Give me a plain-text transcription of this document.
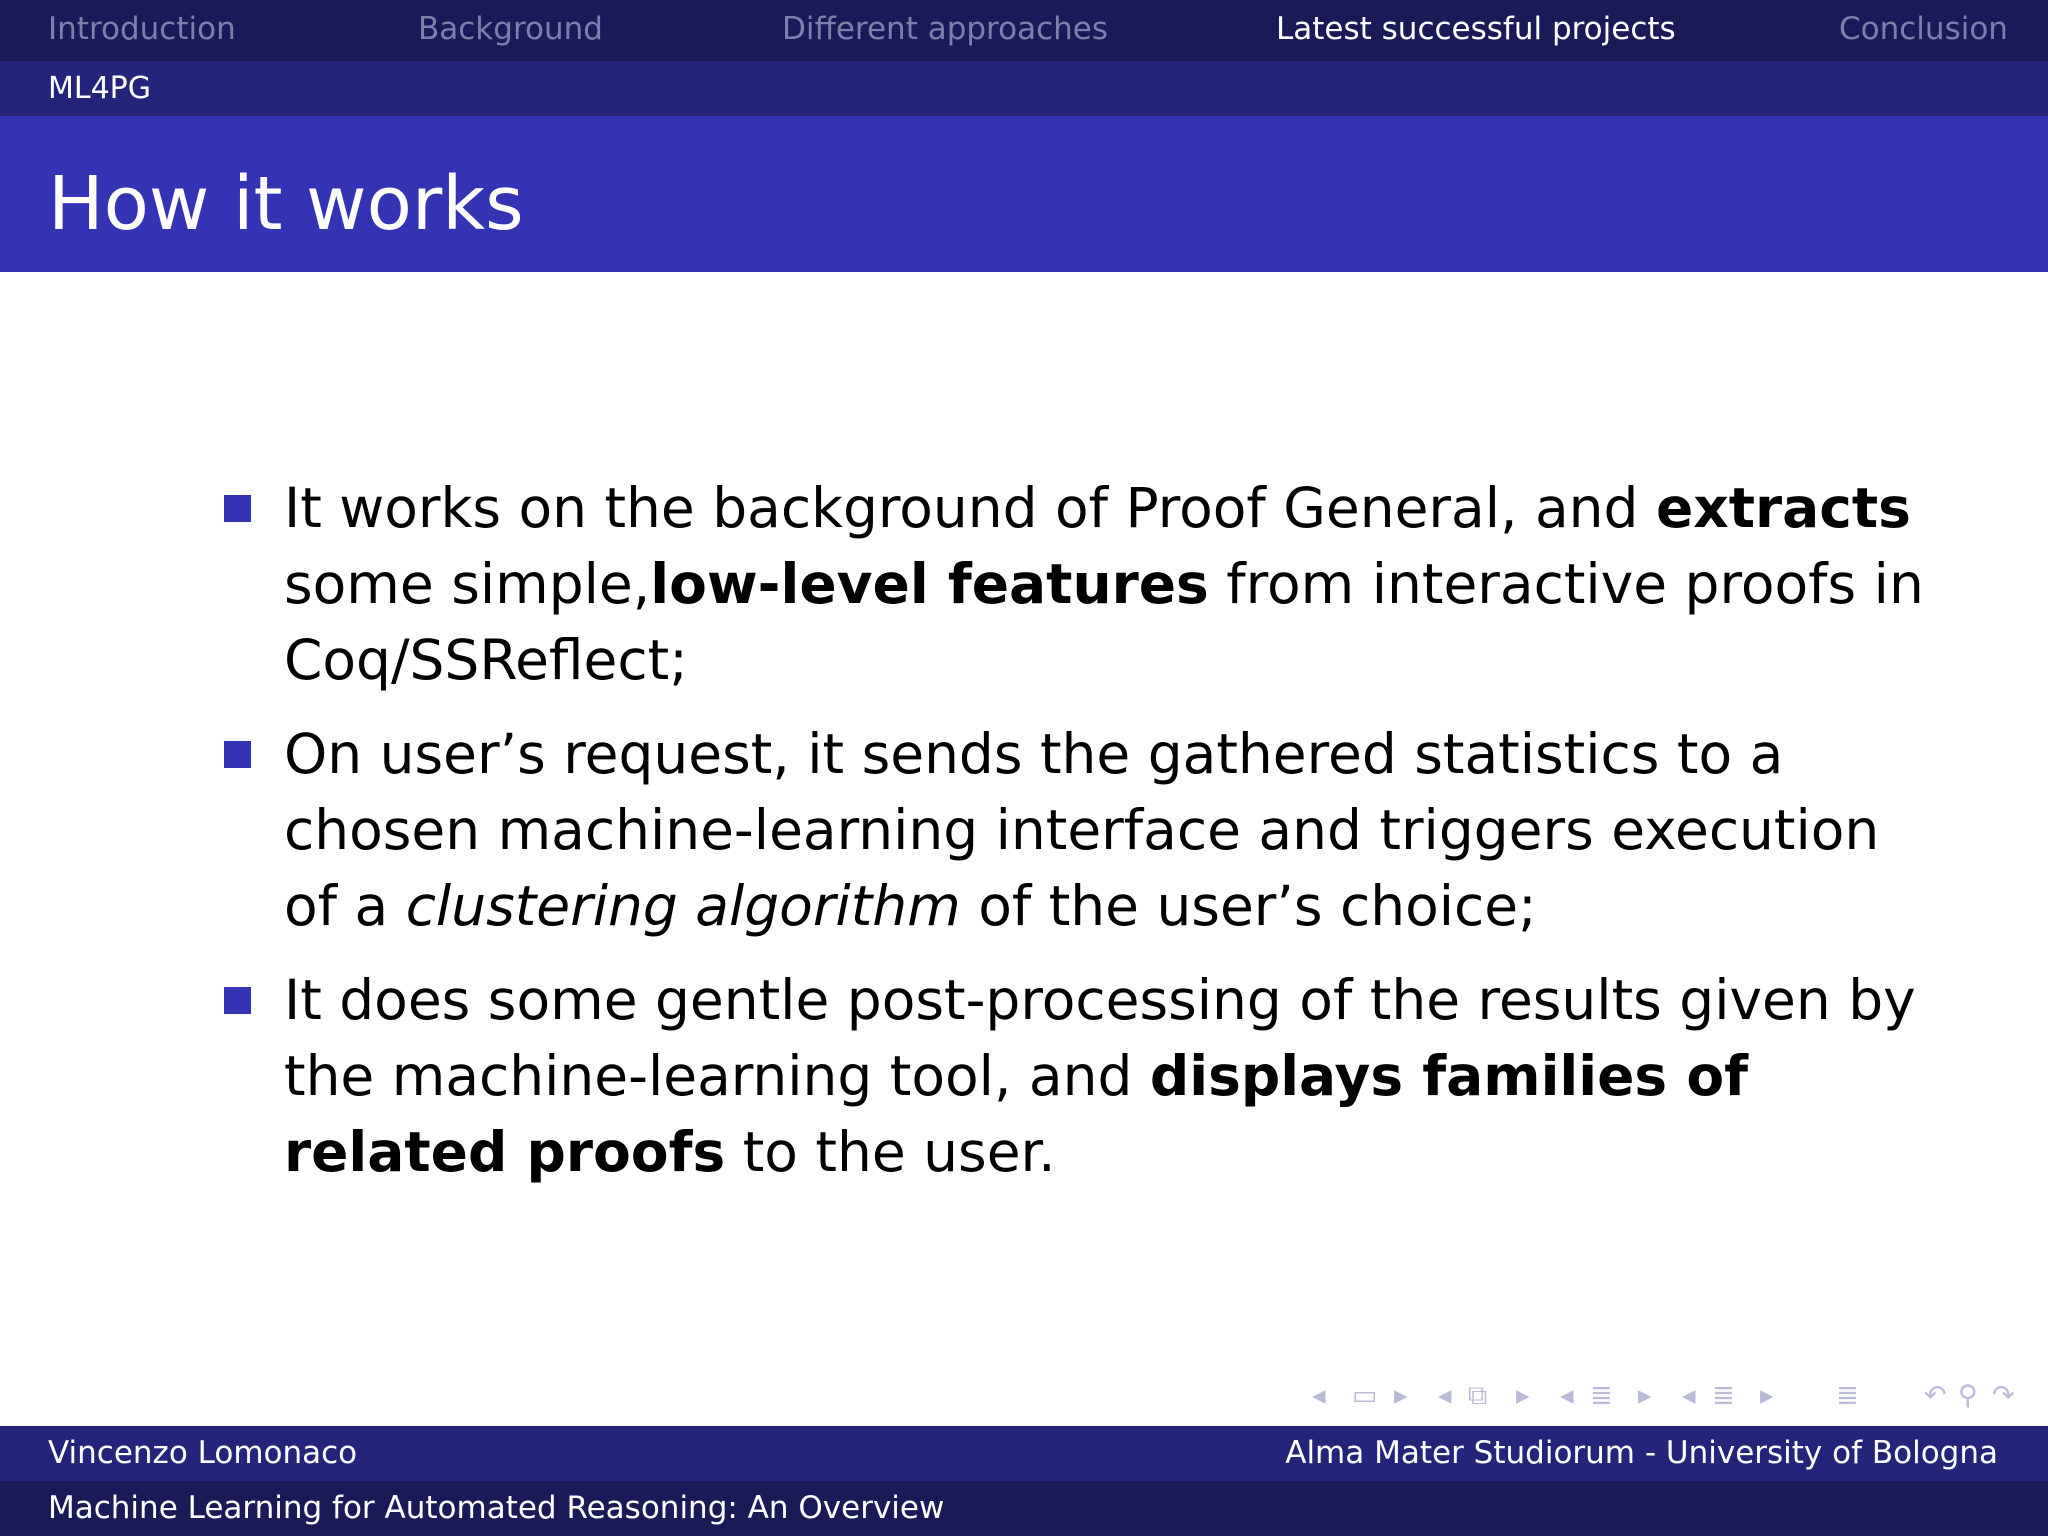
Introduction	Background	Different approaches	Latest successful projects	Conclusion
ML4PG
How it works
It works on the background of Proof General, and extracts some simple,low-level features from interactive proofs in Coq/SSReflect;
On user’s request, it sends the gathered statistics to a chosen machine-learning interface and triggers execution of a clustering algorithm of the user’s choice;
It does some gentle post-processing of the results given by the machine-learning tool, and displays families of related proofs to the user.
◂ ▭ ▸ ◂ ⧉ ▸ ◂ ≣ ▸ ◂ ≣ ▸ ≣ ↶ ⚲ ↷
Vincenzo Lomonaco	Alma Mater Studiorum - University of Bologna
Machine Learning for Automated Reasoning: An Overview
